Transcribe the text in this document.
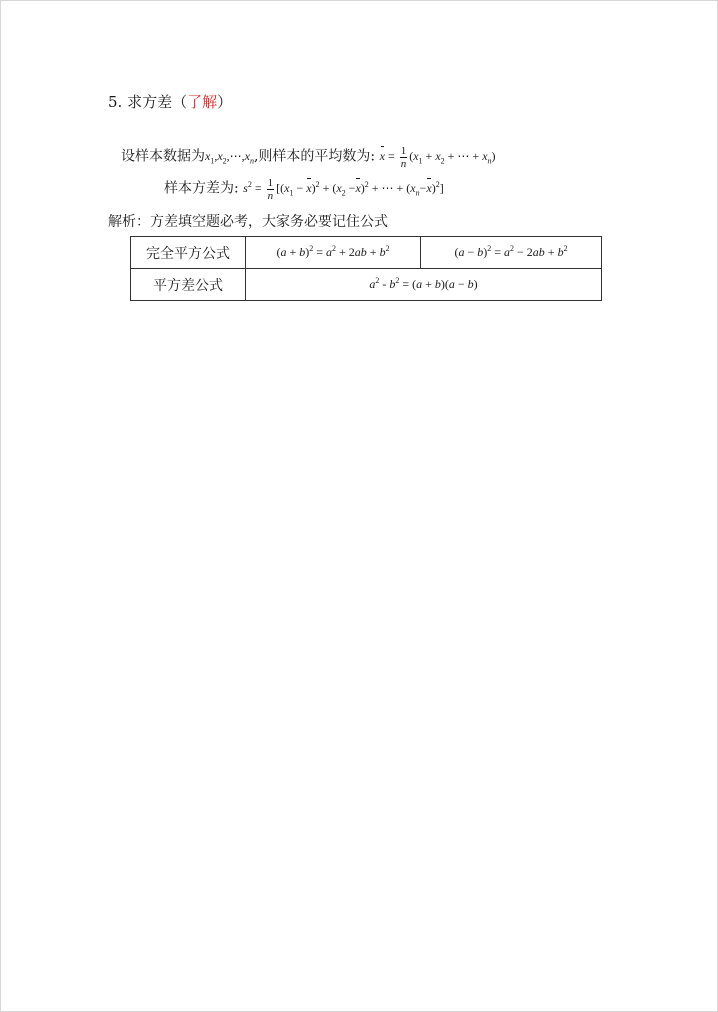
5. 求方差（了解）
设样本数据为$x_1,x_2,\cdots,x_n$,则样本的平均数为: $x = \frac{1}{n} (x_1 + x_2$ + ⋯ + $x_n$)
样本方差为: $s^2 = \frac{1}{n} [(x_1 - x)^2 + (x_2 -x)^2$ + ⋯ + $(x_n-x)^2$]
解析：方差填空题必考，大家务必要记住公式
完全平方公式	$(a + b)^2 = a^2 + 2ab + b^2$	$(a - b)^2 = a^2 - 2ab + b^2$
平方差公式	$a^2 - b^2 = (a + b)(a - b)$	
